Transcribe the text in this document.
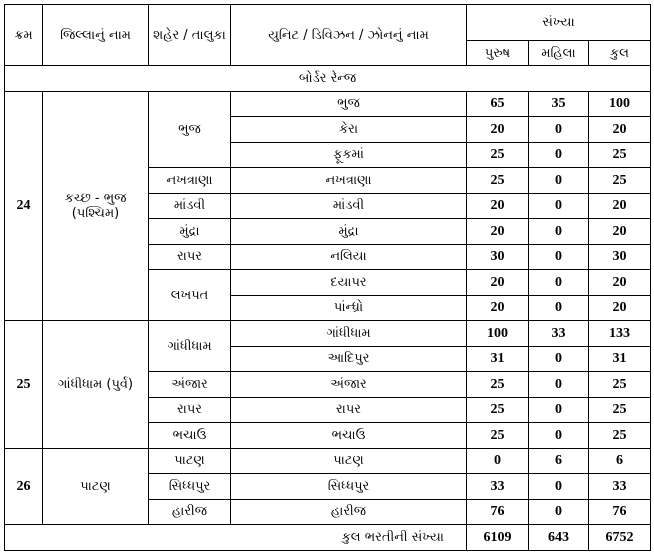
ક્રમ	જિલ્લાનું નામ	શહેર / તાલુકા	યુનિટ / ડિવિઝન / ઝોનનું નામ	સંખ્યા		
				પુરુષ	મહિલા	કુલ
બોર્ડર રેન્જ						
24	કચ્છ - ભુજ (પશ્ચિમ)	ભુજ	ભુજ	65	35	100
			કેરા	20	0	20
			ફૂકમાં	25	0	25
		નખત્રાણા	નખત્રાણા	25	0	25
		માંડવી	માંડવી	20	0	20
		મુંદ્રા	મુંદ્રા	20	0	20
		રાપર	નલિયા	30	0	30
		લખપત	દયાપર	20	0	20
			પાંન્ધ્રો	20	0	20
25	ગાંધીધામ (પુર્વ)	ગાંધીધામ	ગાંધીધામ	100	33	133
			આદિપુર	31	0	31
		અંજાર	અંજાર	25	0	25
		રાપર	રાપર	25	0	25
		ભચાઉ	ભચાઉ	25	0	25
26	પાટણ	પાટણ	પાટણ	0	6	6
		સિધ્ધપુર	સિધ્ધપુર	33	0	33
		હારીજ	હારીજ	76	0	76
કુલ ભરતીની સંખ્યા				6109	643	6752
